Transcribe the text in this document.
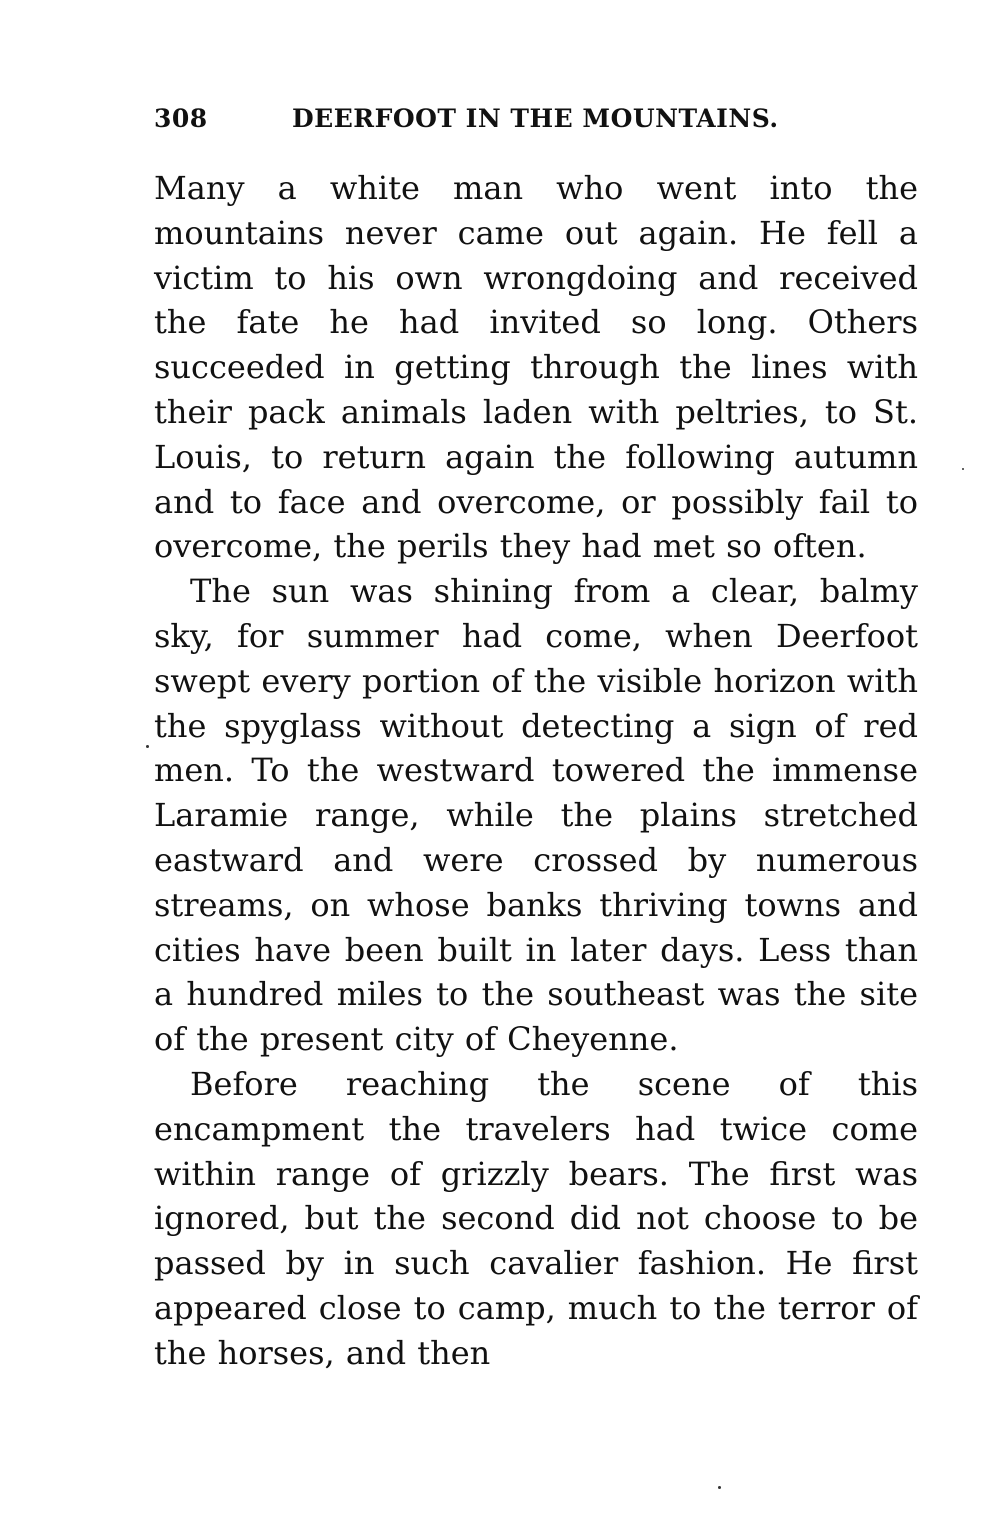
308	DEERFOOT IN THE MOUNTAINS.

Many a white man who went into the mountains never came out again. He fell a victim to his own wrongdoing and received the fate he had invited so long. Others succeeded in getting through the lines with their pack animals laden with peltries, to St. Louis, to return again the following autumn and to face and overcome, or possibly fail to overcome, the perils they had met so often.

The sun was shining from a clear, balmy sky, for summer had come, when Deerfoot swept every portion of the visible horizon with the spyglass without detecting a sign of red men. To the westward towered the immense Laramie range, while the plains stretched eastward and were crossed by numerous streams, on whose banks thriving towns and cities have been built in later days. Less than a hundred miles to the southeast was the site of the present city of Cheyenne.

Before reaching the scene of this encampment the travelers had twice come within range of grizzly bears. The first was ignored, but the second did not choose to be passed by in such cavalier fashion. He first appeared close to camp, much to the terror of the horses, and then
